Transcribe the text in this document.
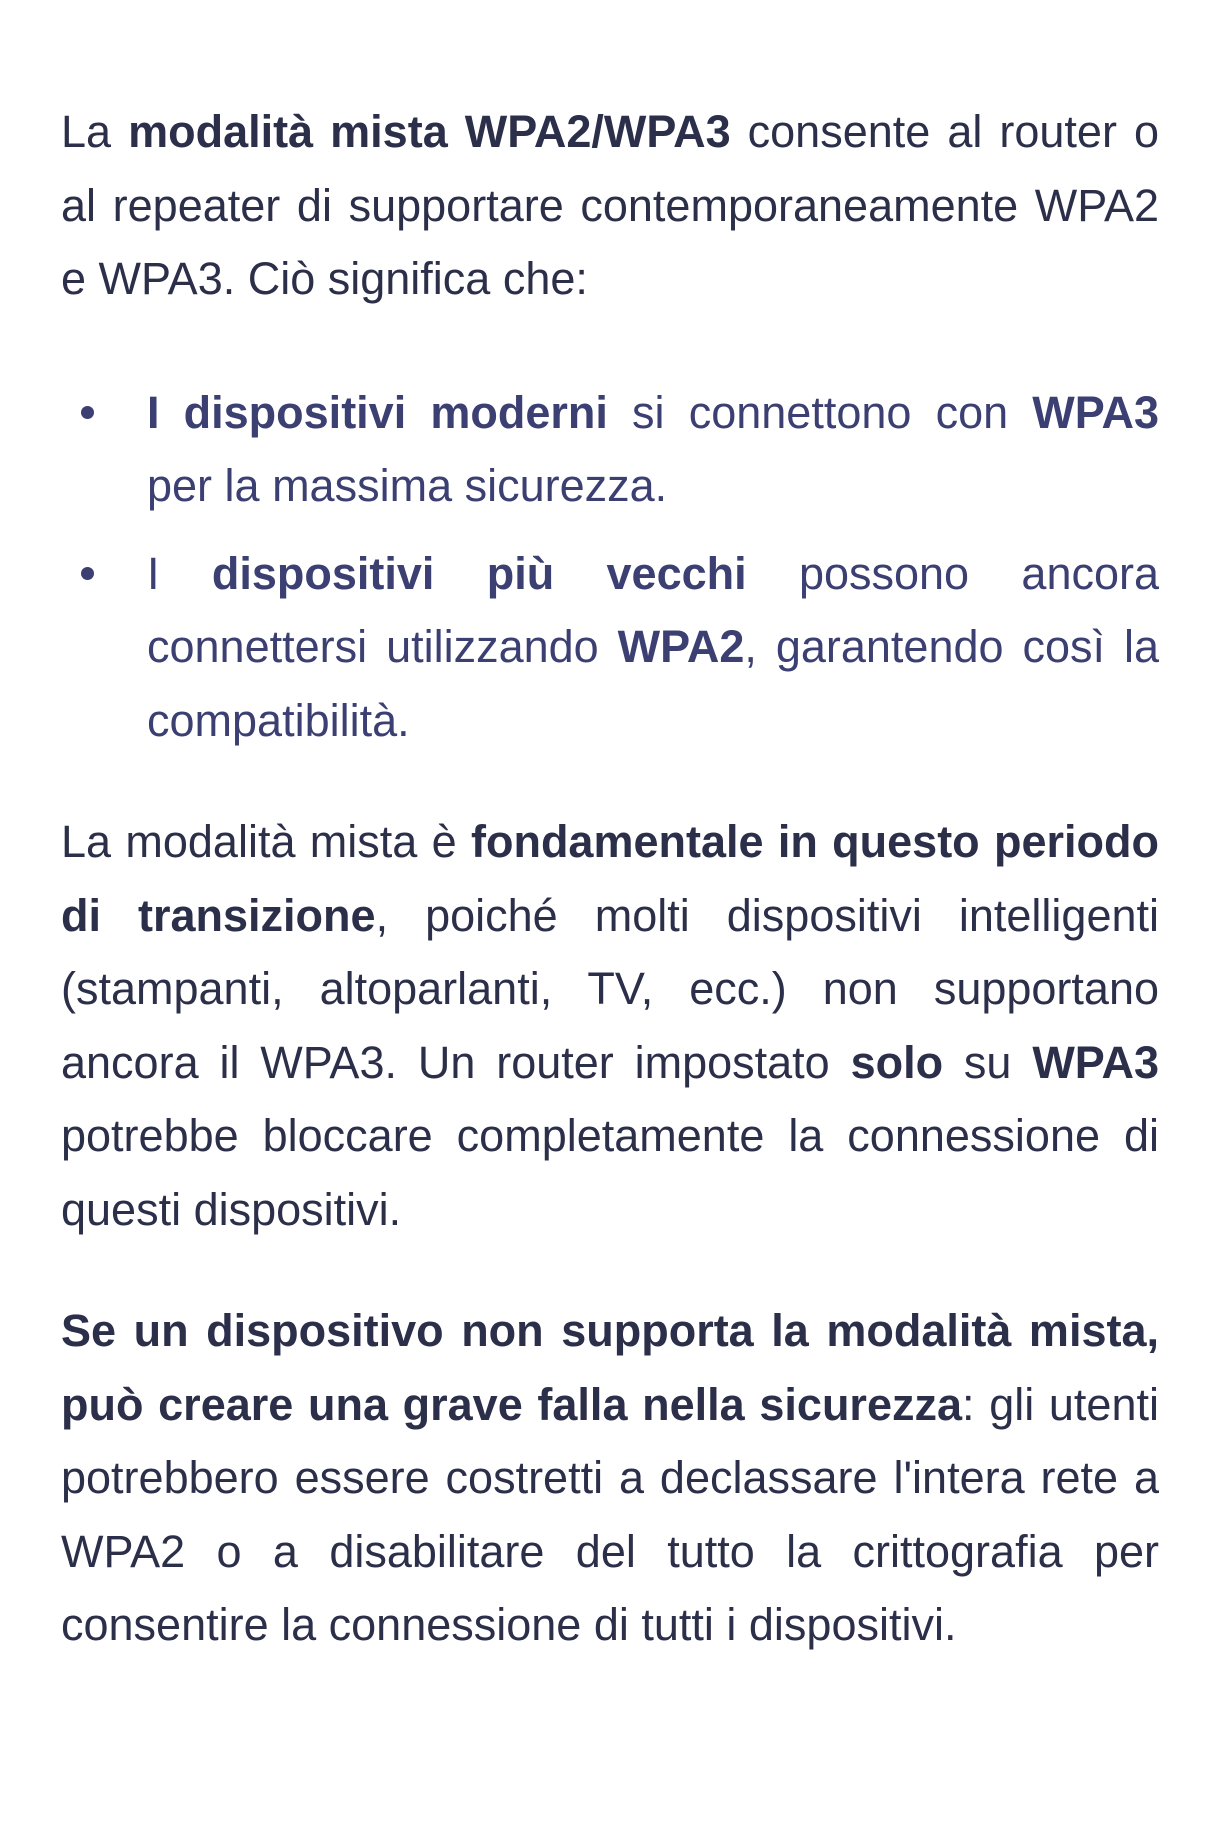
La modalità mista WPA2/WPA3 consente al router o al repeater di supportare contemporaneamente WPA2 e WPA3. Ciò significa che:

I dispositivi moderni si connettono con WPA3 per la massima sicurezza.
I dispositivi più vecchi possono ancora connettersi utilizzando WPA2, garantendo così la compatibilità.

La modalità mista è fondamentale in questo periodo di transizione, poiché molti dispositivi intelligenti (stampanti, altoparlanti, TV, ecc.) non supportano ancora il WPA3. Un router impostato solo su WPA3 potrebbe bloccare completamente la connessione di questi dispositivi.

Se un dispositivo non supporta la modalità mista, può creare una grave falla nella sicurezza: gli utenti potrebbero essere costretti a declassare l'intera rete a WPA2 o a disabilitare del tutto la crittografia per consentire la connessione di tutti i dispositivi.
